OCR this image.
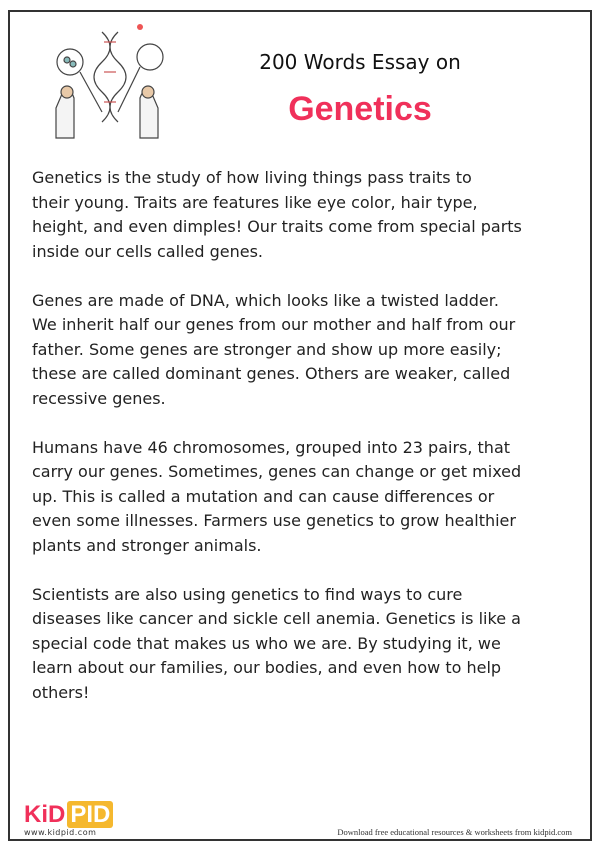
200 Words Essay on
Genetics

Genetics is the study of how living things pass traits to
their young. Traits are features like eye color, hair type,
height, and even dimples! Our traits come from special parts
inside our cells called genes.

Genes are made of DNA, which looks like a twisted ladder.
We inherit half our genes from our mother and half from our
father. Some genes are stronger and show up more easily;
these are called dominant genes. Others are weaker, called
recessive genes.

Humans have 46 chromosomes, grouped into 23 pairs, that
carry our genes. Sometimes, genes can change or get mixed
up. This is called a mutation and can cause differences or
even some illnesses. Farmers use genetics to grow healthier
plants and stronger animals.

Scientists are also using genetics to find ways to cure
diseases like cancer and sickle cell anemia. Genetics is like a
special code that makes us who we are. By studying it, we
learn about our families, our bodies, and even how to help
others!

KiD PID
www.kidpid.com	Download free educational resources & worksheets from kidpid.com
